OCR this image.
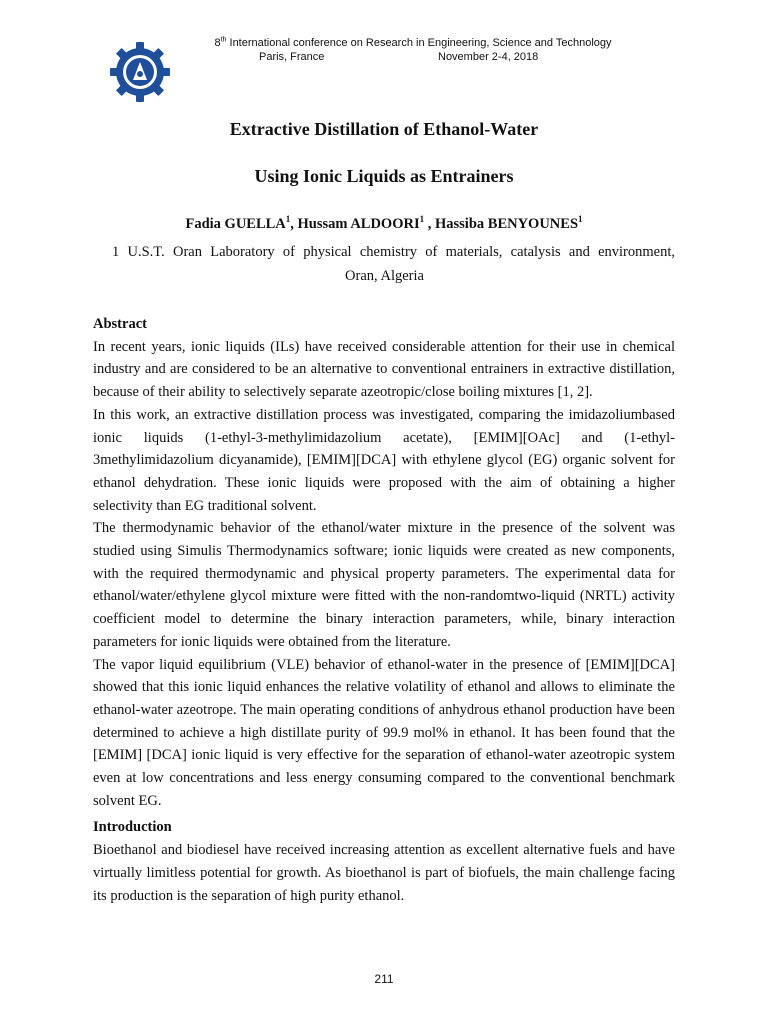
8th International conference on Research in Engineering, Science and Technology
Paris, France	November 2-4, 2018
Extractive Distillation of Ethanol-Water
Using Ionic Liquids as Entrainers
Fadia GUELLA$^1$, Hussam ALDOORI$^1$ , Hassiba BENYOUNES$^1$
1 U.S.T. Oran Laboratory of physical chemistry of materials, catalysis and environment,
Oran, Algeria

Abstract

In recent years, ionic liquids (ILs) have received considerable attention for their use in chemical industry and are considered to be an alternative to conventional entrainers in extractive distillation, because of their ability to selectively separate azeotropic/close boiling mixtures [1, 2].

In this work, an extractive distillation process was investigated, comparing the imidazoliumbased ionic liquids (1-ethyl-3-methylimidazolium acetate), [EMIM][OAc] and (1-ethyl-3methylimidazolium dicyanamide), [EMIM][DCA] with ethylene glycol (EG) organic solvent for ethanol dehydration. These ionic liquids were proposed with the aim of obtaining a higher selectivity than EG traditional solvent.

The thermodynamic behavior of the ethanol/water mixture in the presence of the solvent was studied using Simulis Thermodynamics software; ionic liquids were created as new components, with the required thermodynamic and physical property parameters. The experimental data for ethanol/water/ethylene glycol mixture were fitted with the non-randomtwo-liquid (NRTL) activity coefficient model to determine the binary interaction parameters, while, binary interaction parameters for ionic liquids were obtained from the literature.

The vapor liquid equilibrium (VLE) behavior of ethanol-water in the presence of [EMIM][DCA] showed that this ionic liquid enhances the relative volatility of ethanol and allows to eliminate the ethanol-water azeotrope. The main operating conditions of anhydrous ethanol production have been determined to achieve a high distillate purity of 99.9 mol% in ethanol. It has been found that the [EMIM] [DCA] ionic liquid is very effective for the separation of ethanol-water azeotropic system even at low concentrations and less energy consuming compared to the conventional benchmark solvent EG.

Introduction

Bioethanol and biodiesel have received increasing attention as excellent alternative fuels and have virtually limitless potential for growth. As bioethanol is part of biofuels, the main challenge facing its production is the separation of high purity ethanol.

211
